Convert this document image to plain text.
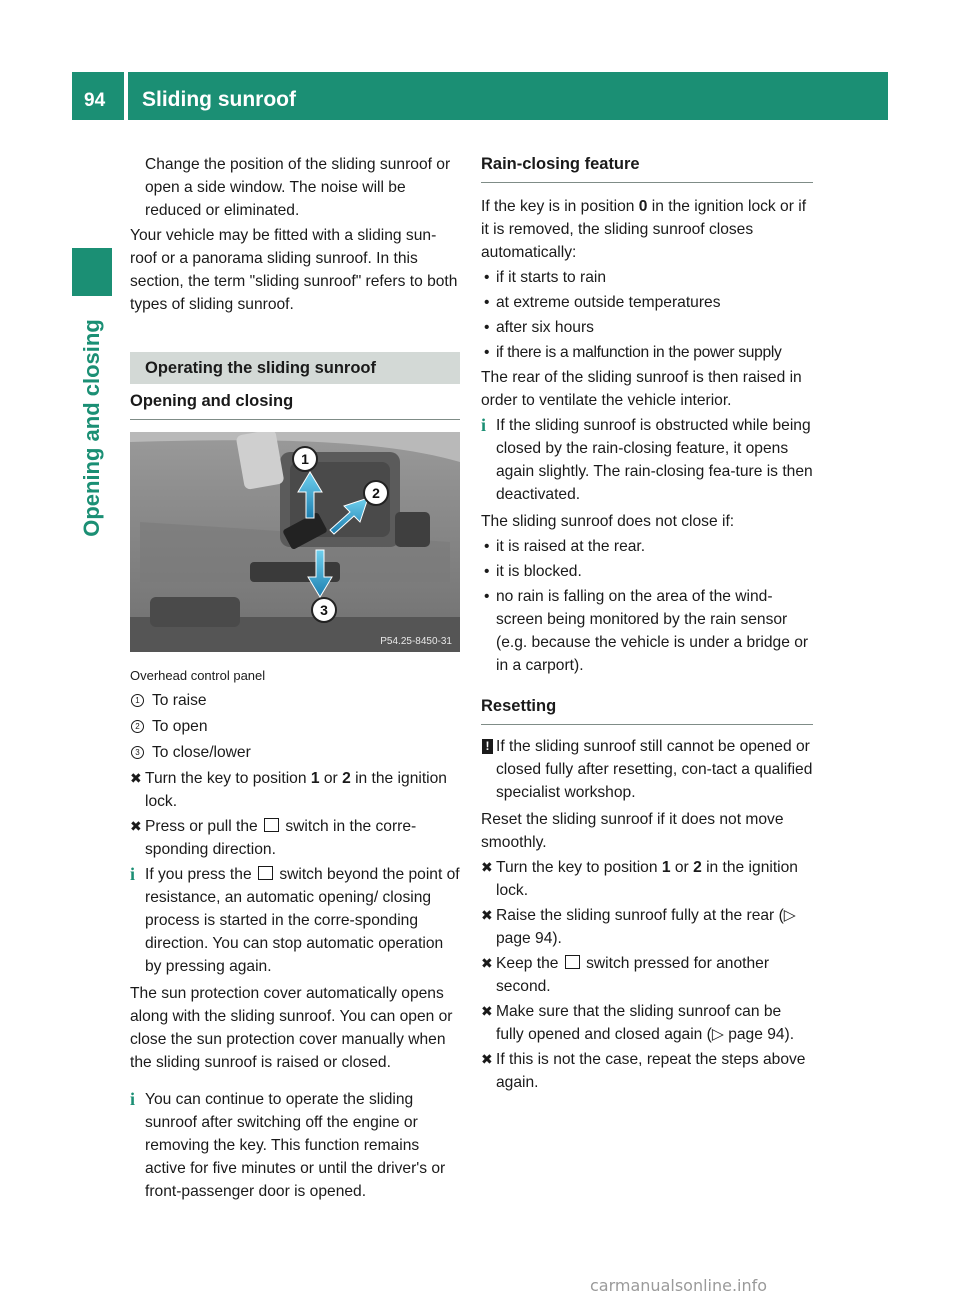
94 Sliding sunroof
Opening and closing

Change the position of the sliding sunroof or open a side window. The noise will be reduced or eliminated.

Your vehicle may be fitted with a sliding sun-roof or a panorama sliding sunroof. In this section, the term "sliding sunroof" refers to both types of sliding sunroof.

Operating the sliding sunroof
Opening and closing
1
2
3
P54.25-8450-31

Overhead control panel

1 To raise
2 To open
3 To close/lower
✖ Turn the key to position 1 or 2 in the ignition lock.
✖ Press or pull the switch in the corre-sponding direction.
i If you press the switch beyond the point of resistance, an automatic opening/ closing process is started in the corre-sponding direction. You can stop automatic operation by pressing again.

The sun protection cover automatically opens along with the sliding sunroof. You can open or close the sun protection cover manually when the sliding sunroof is raised or closed.

i You can continue to operate the sliding sunroof after switching off the engine or removing the key. This function remains active for five minutes or until the driver's or front-passenger door is opened.
Rain-closing feature

If the key is in position 0 in the ignition lock or if it is removed, the sliding sunroof closes automatically:

• if it starts to rain
• at extreme outside temperatures
• after six hours
• if there is a malfunction in the power supply

The rear of the sliding sunroof is then raised in order to ventilate the vehicle interior.

i If the sliding sunroof is obstructed while being closed by the rain-closing feature, it opens again slightly. The rain-closing fea-ture is then deactivated.

The sliding sunroof does not close if:

• it is raised at the rear.
• it is blocked.
• no rain is falling on the area of the wind-screen being monitored by the rain sensor (e.g. because the vehicle is under a bridge or in a carport).
Resetting
! If the sliding sunroof still cannot be opened or closed fully after resetting, con-tact a qualified specialist workshop.

Reset the sliding sunroof if it does not move smoothly.

✖ Turn the key to position 1 or 2 in the ignition lock.
✖ Raise the sliding sunroof fully at the rear (▷ page 94).
✖ Keep the switch pressed for another second.
✖ Make sure that the sliding sunroof can be fully opened and closed again (▷ page 94).
✖ If this is not the case, repeat the steps above again.
carmanualsonline.info
